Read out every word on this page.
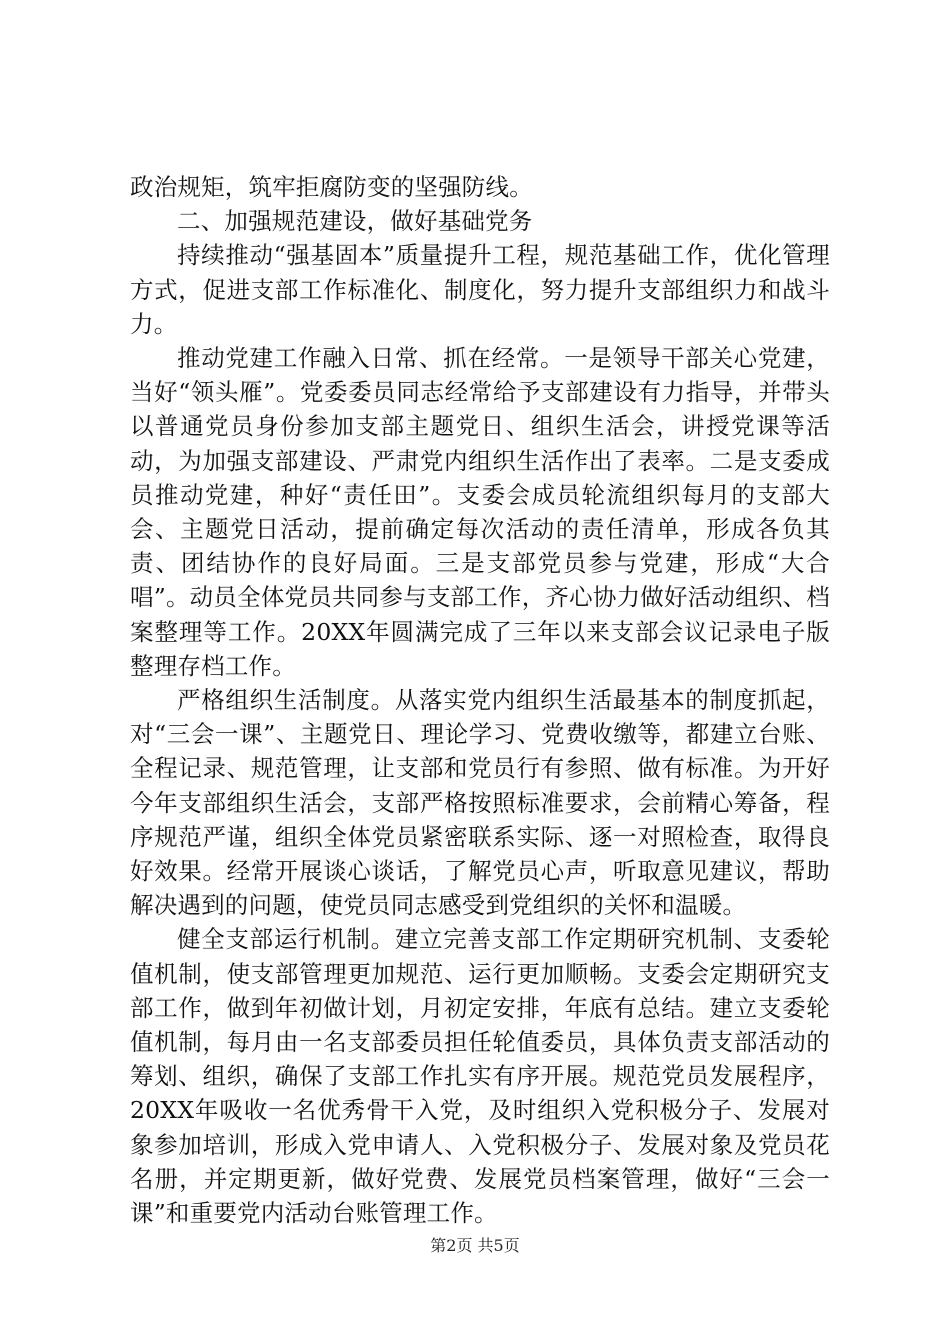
政治规矩，筑牢拒腐防变的坚强防线。

二、加强规范建设，做好基础党务

持续推动“强基固本”质量提升工程，规范基础工作，优化管理方式，促进支部工作标准化、制度化，努力提升支部组织力和战斗力。

推动党建工作融入日常、抓在经常。一是领导干部关心党建，当好“领头雁”。党委委员同志经常给予支部建设有力指导，并带头以普通党员身份参加支部主题党日、组织生活会，讲授党课等活动，为加强支部建设、严肃党内组织生活作出了表率。二是支委成员推动党建，种好“责任田”。支委会成员轮流组织每月的支部大会、主题党日活动，提前确定每次活动的责任清单，形成各负其责、团结协作的良好局面。三是支部党员参与党建，形成“大合唱”。动员全体党员共同参与支部工作，齐心协力做好活动组织、档案整理等工作。20XX年圆满完成了三年以来支部会议记录电子版整理存档工作。

严格组织生活制度。从落实党内组织生活最基本的制度抓起，对“三会一课”、主题党日、理论学习、党费收缴等，都建立台账、全程记录、规范管理，让支部和党员行有参照、做有标准。为开好今年支部组织生活会，支部严格按照标准要求，会前精心筹备，程序规范严谨，组织全体党员紧密联系实际、逐一对照检查，取得良好效果。经常开展谈心谈话，了解党员心声，听取意见建议，帮助解决遇到的问题，使党员同志感受到党组织的关怀和温暖。

健全支部运行机制。建立完善支部工作定期研究机制、支委轮值机制，使支部管理更加规范、运行更加顺畅。支委会定期研究支部工作，做到年初做计划，月初定安排，年底有总结。建立支委轮值机制，每月由一名支部委员担任轮值委员，具体负责支部活动的筹划、组织，确保了支部工作扎实有序开展。规范党员发展程序，20XX年吸收一名优秀骨干入党，及时组织入党积极分子、发展对象参加培训，形成入党申请人、入党积极分子、发展对象及党员花名册，并定期更新，做好党费、发展党员档案管理，做好“三会一课”和重要党内活动台账管理工作。

第2页 共5页
